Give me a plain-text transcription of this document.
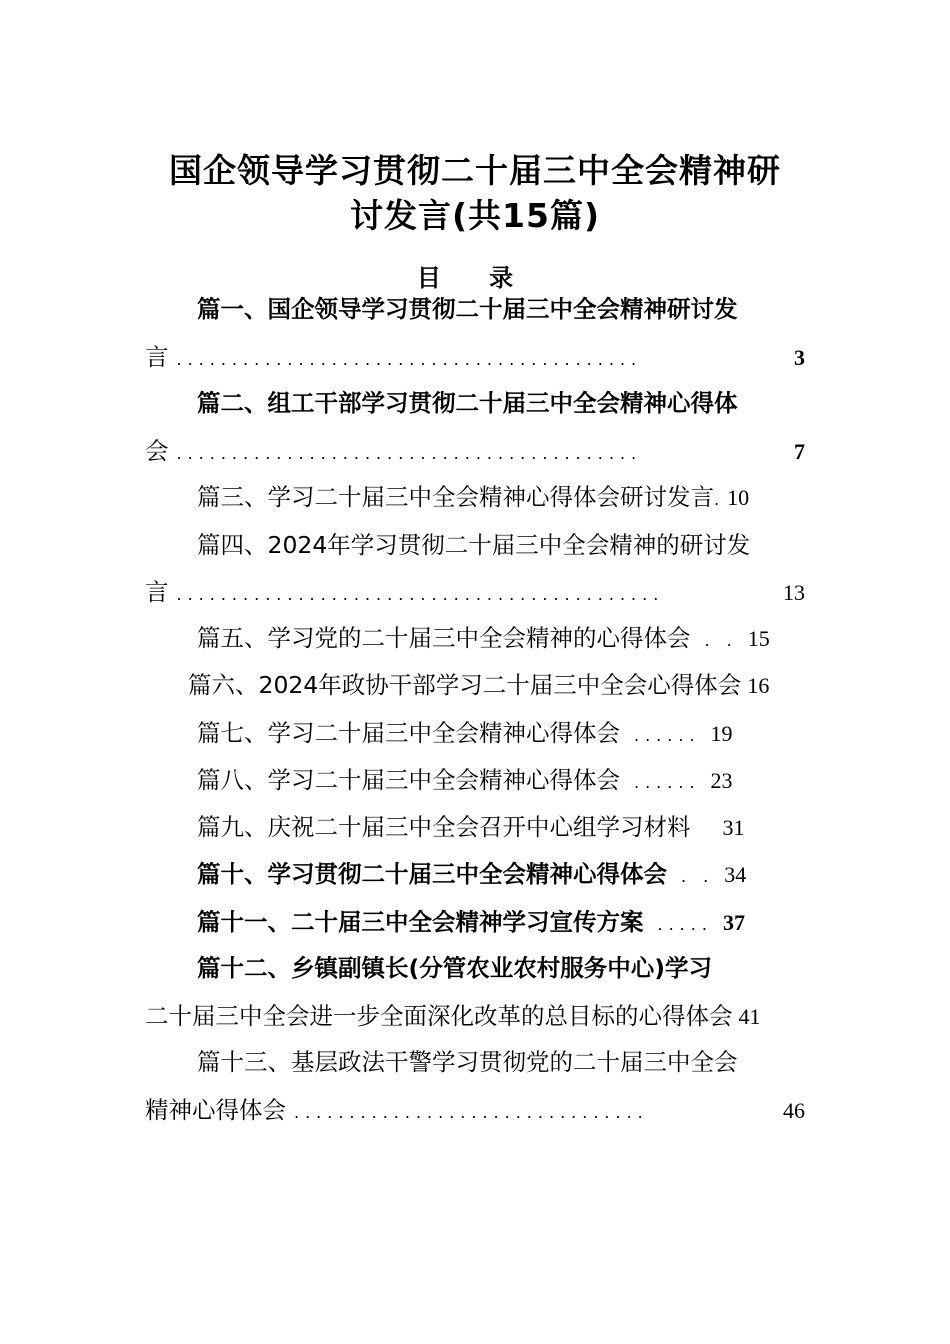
国企领导学习贯彻二十届三中全会精神研
讨发言(共15篇)
目 录
篇一、国企领导学习贯彻二十届三中全会精神研讨发
言 ..........................................	3
篇二、组工干部学习贯彻二十届三中全会精神心得体
会 ..........................................	7
篇三、学习二十届三中全会精神心得体会研讨发言 . 10
篇四、2024年学习贯彻二十届三中全会精神的研讨发
言 ............................................	13
篇五、学习党的二十届三中全会精神的心得体会 . . 15
篇六、2024年政协干部学习二十届三中全会心得体会 16
篇七、学习二十届三中全会精神心得体会 ...... 19
篇八、学习二十届三中全会精神心得体会 ...... 23
篇九、庆祝二十届三中全会召开中心组学习材料 31
篇十、学习贯彻二十届三中全会精神心得体会 . . 34
篇十一、二十届三中全会精神学习宣传方案 ..... 37
篇十二、乡镇副镇长(分管农业农村服务中心)学习
二十届三中全会进一步全面深化改革的总目标的心得体会 41
篇十三、基层政法干警学习贯彻党的二十届三中全会
精神心得体会 ................................	46
